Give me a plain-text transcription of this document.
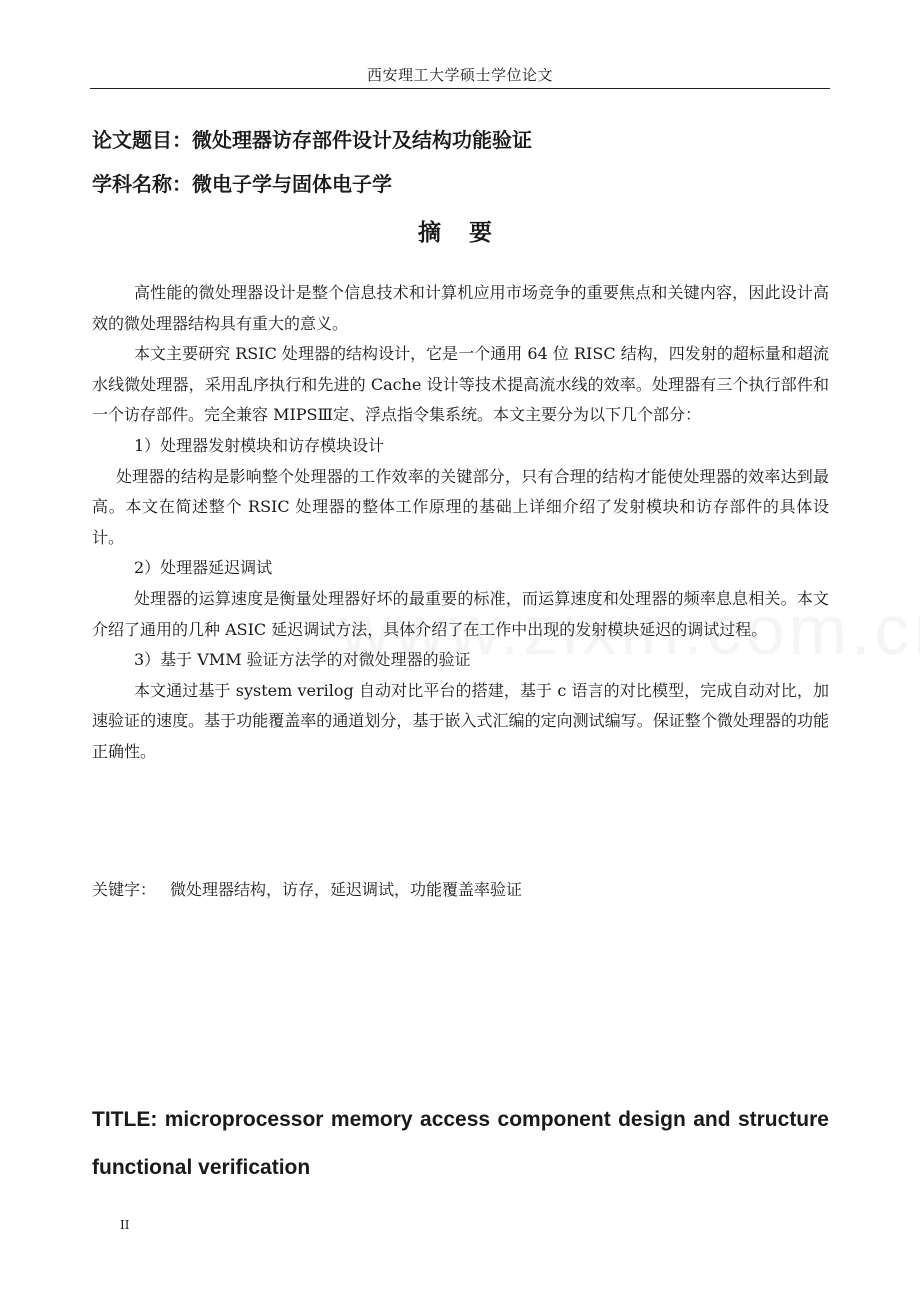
西安理工大学硕士学位论文
论文题目：微处理器访存部件设计及结构功能验证
学科名称：微电子学与固体电子学
摘 要

高性能的微处理器设计是整个信息技术和计算机应用市场竞争的重要焦点和关键内容，因此设计高效的微处理器结构具有重大的意义。

本文主要研究 RSIC 处理器的结构设计，它是一个通用 64 位 RISC 结构，四发射的超标量和超流水线微处理器，采用乱序执行和先进的 Cache 设计等技术提高流水线的效率。处理器有三个执行部件和一个访存部件。完全兼容 MIPSⅢ定、浮点指令集系统。本文主要分为以下几个部分：

1）处理器发射模块和访存模块设计

处理器的结构是影响整个处理器的工作效率的关键部分，只有合理的结构才能使处理器的效率达到最高。本文在简述整个 RSIC 处理器的整体工作原理的基础上详细介绍了发射模块和访存部件的具体设计。

2）处理器延迟调试

处理器的运算速度是衡量处理器好坏的最重要的标准，而运算速度和处理器的频率息息相关。本文介绍了通用的几种 ASIC 延迟调试方法，具体介绍了在工作中出现的发射模块延迟的调试过程。

3）基于 VMM 验证方法学的对微处理器的验证

本文通过基于 system verilog 自动对比平台的搭建，基于 c 语言的对比模型，完成自动对比，加速验证的速度。基于功能覆盖率的通道划分，基于嵌入式汇编的定向测试编写。保证整个微处理器的功能正确性。

关键字： 微处理器结构，访存，延迟调试，功能覆盖率验证
TITLE: microprocessor memory access component design and structure functional verification
II
